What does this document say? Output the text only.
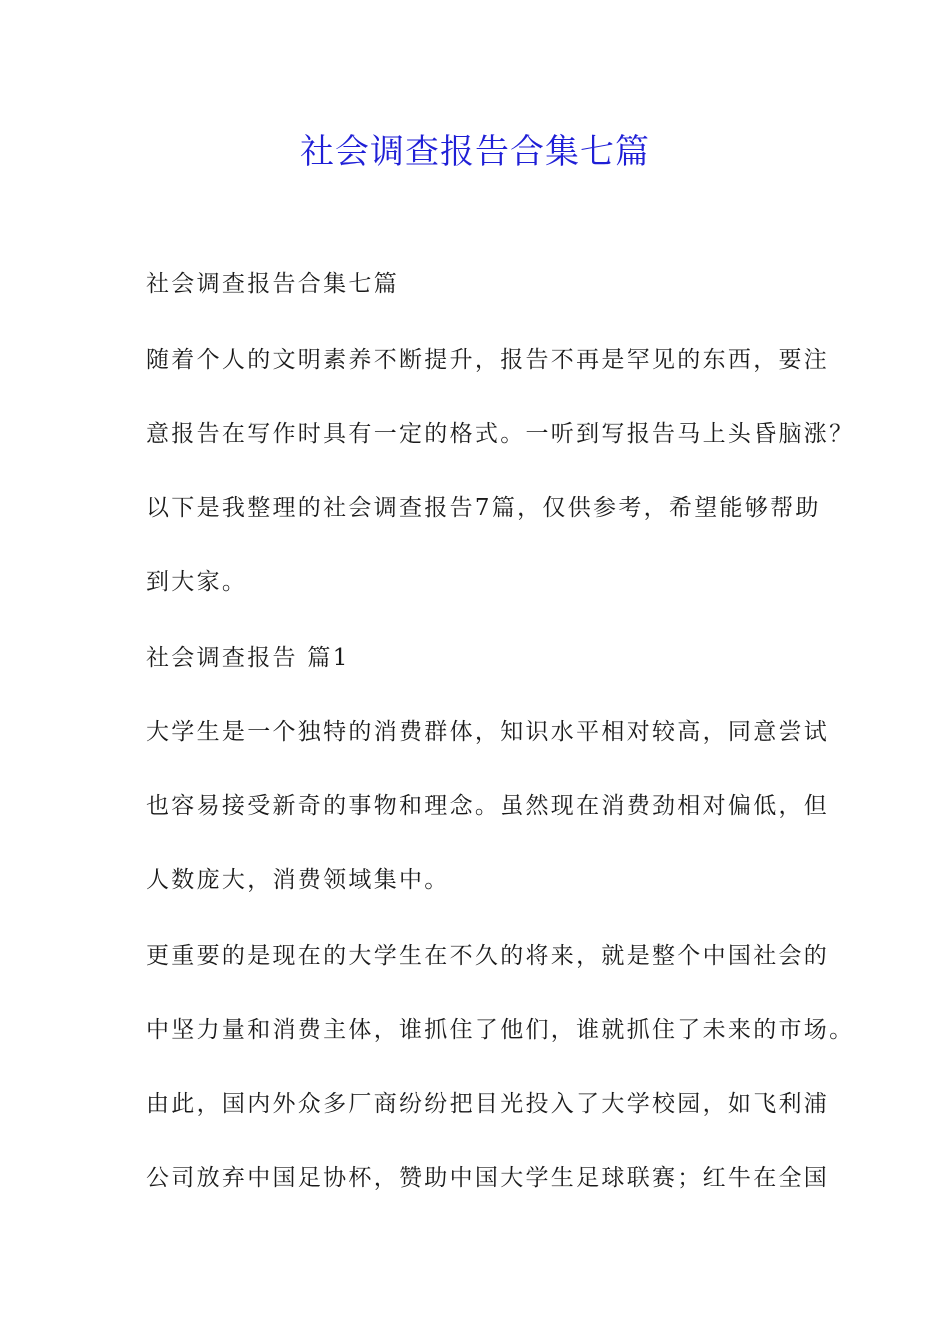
社会调查报告合集七篇

社会调查报告合集七篇

随着个人的文明素养不断提升，报告不再是罕见的东西，要注

意报告在写作时具有一定的格式。一听到写报告马上头昏脑涨？

以下是我整理的社会调查报告7篇，仅供参考，希望能够帮助

到大家。

社会调查报告 篇1

大学生是一个独特的消费群体，知识水平相对较高，同意尝试

也容易接受新奇的事物和理念。虽然现在消费劲相对偏低，但

人数庞大，消费领域集中。

更重要的是现在的大学生在不久的将来，就是整个中国社会的

中坚力量和消费主体，谁抓住了他们，谁就抓住了未来的市场。

由此，国内外众多厂商纷纷把目光投入了大学校园，如飞利浦

公司放弃中国足协杯，赞助中国大学生足球联赛；红牛在全国
